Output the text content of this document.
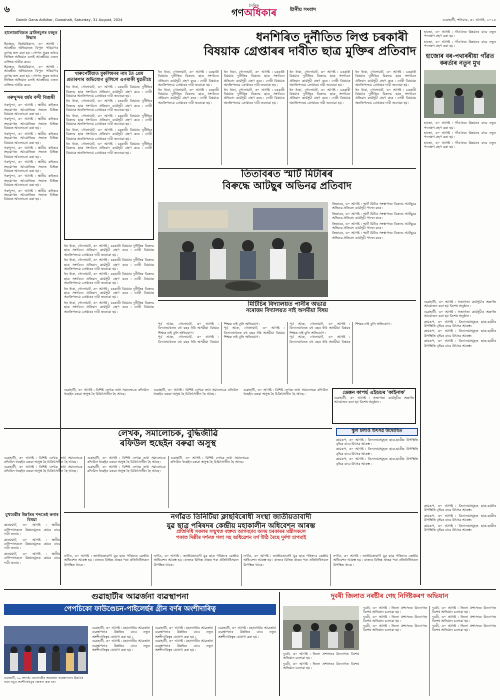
৬	দৈনিক
গণঅধিকাৰ	ষ্টানীয় সংবাদ
Dainik Gana Adhikar, Guwahati, Saturday, 31 August, 2024	গুৱাহাটী, শনিবাৰ, ৩১ আগষ্ট, ২০২৪
হালোডাবিডত ব্ৰাউনচুগৰ মজুত উদ্ধাৰ
হিমাংশু, হিৰ্তমৰিয়াল, ৩০ আগষ্ট ৷ আৰক্ষীৰ অভিযানত বিপুল পৰিমাণৰ ড্ৰাগছ জব্দ কৰা হয় ৷ গোপন সূত্ৰৰ তথ্যৰ ভিত্তিত অভিযান চলাই আৰক্ষীয়ে এজন ব্যক্তিক আটক কৰে ৷
হিমাংশু, হিৰ্তমৰিয়াল, ৩০ আগষ্ট ৷ আৰক্ষীৰ অভিযানত বিপুল পৰিমাণৰ ড্ৰাগছ জব্দ কৰা হয় ৷ গোপন সূত্ৰৰ তথ্যৰ ভিত্তিত অভিযান চলাই আৰক্ষীয়ে এজন ব্যক্তিক আটক কৰে ৷
গৰুখুন্দৰ ধৰ্মৰ বন্দী বিগুদ্বী
গৰুখুন্দা, ৩০ আগষ্ট ৷ স্থানীয় ৰাইজৰ সহযোগত আয়োজিত সভাত বিভিন্ন বিষয়ত আলোচনা কৰা হয় ৷
গৰুখুন্দা, ৩০ আগষ্ট ৷ স্থানীয় ৰাইজৰ সহযোগত আয়োজিত সভাত বিভিন্ন বিষয়ত আলোচনা কৰা হয় ৷
গৰুখুন্দা, ৩০ আগষ্ট ৷ স্থানীয় ৰাইজৰ সহযোগত আয়োজিত সভাত বিভিন্ন বিষয়ত আলোচনা কৰা হয় ৷
গৰুখুন্দা, ৩০ আগষ্ট ৷ স্থানীয় ৰাইজৰ সহযোগত আয়োজিত সভাত বিভিন্ন বিষয়ত আলোচনা কৰা হয় ৷
গৰুখুন্দা, ৩০ আগষ্ট ৷ স্থানীয় ৰাইজৰ সহযোগত আয়োজিত সভাত বিভিন্ন বিষয়ত আলোচনা কৰা হয় ৷
গৰুখুন্দা, ৩০ আগষ্ট ৷ স্থানীয় ৰাইজৰ সহযোগত আয়োজিত সভাত বিভিন্ন বিষয়ত আলোচনা কৰা হয় ৷
গৰুখুন্দা, ৩০ আগষ্ট ৷ স্থানীয় ৰাইজৰ সহযোগত আয়োজিত সভাত বিভিন্ন বিষয়ত আলোচনা কৰা হয় ৷
ধনশিৰিত দুৰ্নীতিত লিপ্ত চৰকাৰী
বিষয়াক গ্ৰেপ্তাৰৰ দাবীত ছাত্ৰ মুক্তিৰ প্ৰতিবাদ
খাৰুপেটীয়াত মুকলিমনৰ নাম তৈ প্ৰেম প্ৰতাৰণাৰ অভিযোগ তুলিলে এগৰাকী যুৱতীয়ে
ধন ধাৰা, গোলাঘাট, ৩০ আগষ্ট ৷ চৰকাৰী বিষয়াৰ দুৰ্নীতিৰ বিৰুদ্ধে ছাত্ৰ সংগঠনে প্ৰতিবাদ কাৰ্যসূচী গ্ৰহণ কৰে ৷ দোষী বিষয়াক অনতিপলমে গ্ৰেপ্তাৰৰ দাবী জনোৱা হয় ৷
ধন ধাৰা, গোলাঘাট, ৩০ আগষ্ট ৷ চৰকাৰী বিষয়াৰ দুৰ্নীতিৰ বিৰুদ্ধে ছাত্ৰ সংগঠনে প্ৰতিবাদ কাৰ্যসূচী গ্ৰহণ কৰে ৷ দোষী বিষয়াক অনতিপলমে গ্ৰেপ্তাৰৰ দাবী জনোৱা হয় ৷
ধন ধাৰা, গোলাঘাট, ৩০ আগষ্ট ৷ চৰকাৰী বিষয়াৰ দুৰ্নীতিৰ বিৰুদ্ধে ছাত্ৰ সংগঠনে প্ৰতিবাদ কাৰ্যসূচী গ্ৰহণ কৰে ৷ দোষী বিষয়াক অনতিপলমে গ্ৰেপ্তাৰৰ দাবী জনোৱা হয় ৷
ধন ধাৰা, গোলাঘাট, ৩০ আগষ্ট ৷ চৰকাৰী বিষয়াৰ দুৰ্নীতিৰ বিৰুদ্ধে ছাত্ৰ সংগঠনে প্ৰতিবাদ কাৰ্যসূচী গ্ৰহণ কৰে ৷ দোষী বিষয়াক অনতিপলমে গ্ৰেপ্তাৰৰ দাবী জনোৱা হয় ৷
ধন ধাৰা, গোলাঘাট, ৩০ আগষ্ট ৷ চৰকাৰী বিষয়াৰ দুৰ্নীতিৰ বিৰুদ্ধে ছাত্ৰ সংগঠনে প্ৰতিবাদ কাৰ্যসূচী গ্ৰহণ কৰে ৷ দোষী বিষয়াক অনতিপলমে গ্ৰেপ্তাৰৰ দাবী জনোৱা হয় ৷
ধন ধাৰা, গোলাঘাট, ৩০ আগষ্ট ৷ চৰকাৰী বিষয়াৰ দুৰ্নীতিৰ বিৰুদ্ধে ছাত্ৰ সংগঠনে প্ৰতিবাদ কাৰ্যসূচী গ্ৰহণ কৰে ৷ দোষী বিষয়াক অনতিপলমে গ্ৰেপ্তাৰৰ দাবী জনোৱা হয় ৷
ধন ধাৰা, গোলাঘাট, ৩০ আগষ্ট ৷ চৰকাৰী বিষয়াৰ দুৰ্নীতিৰ বিৰুদ্ধে ছাত্ৰ সংগঠনে প্ৰতিবাদ কাৰ্যসূচী গ্ৰহণ কৰে ৷ দোষী বিষয়াক অনতিপলমে গ্ৰেপ্তাৰৰ দাবী জনোৱা হয় ৷
ধন ধাৰা, গোলাঘাট, ৩০ আগষ্ট ৷ চৰকাৰী বিষয়াৰ দুৰ্নীতিৰ বিৰুদ্ধে ছাত্ৰ সংগঠনে প্ৰতিবাদ কাৰ্যসূচী গ্ৰহণ কৰে ৷ দোষী বিষয়াক অনতিপলমে গ্ৰেপ্তাৰৰ দাবী জনোৱা হয় ৷
ধন ধাৰা, গোলাঘাট, ৩০ আগষ্ট ৷ চৰকাৰী বিষয়াৰ দুৰ্নীতিৰ বিৰুদ্ধে ছাত্ৰ সংগঠনে প্ৰতিবাদ কাৰ্যসূচী গ্ৰহণ কৰে ৷ দোষী বিষয়াক অনতিপলমে গ্ৰেপ্তাৰৰ দাবী জনোৱা হয় ৷
ধন ধাৰা, গোলাঘাট, ৩০ আগষ্ট ৷ চৰকাৰী বিষয়াৰ দুৰ্নীতিৰ বিৰুদ্ধে ছাত্ৰ সংগঠনে প্ৰতিবাদ কাৰ্যসূচী গ্ৰহণ কৰে ৷ দোষী বিষয়াক অনতিপলমে গ্ৰেপ্তাৰৰ দাবী জনোৱা হয় ৷
ধন ধাৰা, গোলাঘাট, ৩০ আগষ্ট ৷ চৰকাৰী বিষয়াৰ দুৰ্নীতিৰ বিৰুদ্ধে ছাত্ৰ সংগঠনে প্ৰতিবাদ কাৰ্যসূচী গ্ৰহণ কৰে ৷ দোষী বিষয়াক অনতিপলমে গ্ৰেপ্তাৰৰ দাবী জনোৱা হয় ৷
ধন ধাৰা, গোলাঘাট, ৩০ আগষ্ট ৷ চৰকাৰী বিষয়াৰ দুৰ্নীতিৰ বিৰুদ্ধে ছাত্ৰ সংগঠনে প্ৰতিবাদ কাৰ্যসূচী গ্ৰহণ কৰে ৷ দোষী বিষয়াক অনতিপলমে গ্ৰেপ্তাৰৰ দাবী জনোৱা হয় ৷
ধন ধাৰা, গোলাঘাট, ৩০ আগষ্ট ৷ চৰকাৰী বিষয়াৰ দুৰ্নীতিৰ বিৰুদ্ধে ছাত্ৰ সংগঠনে প্ৰতিবাদ কাৰ্যসূচী গ্ৰহণ কৰে ৷ দোষী বিষয়াক অনতিপলমে গ্ৰেপ্তাৰৰ দাবী জনোৱা হয় ৷
তিতাবৰত স্মাৰ্ট মিটাৰৰ
বিৰুদ্ধে আটছুৰ অভিনৱ প্ৰতিবাদ
তিতাবৰ, ৩০ আগষ্ট ৷ স্মাৰ্ট মিটাৰ সংস্থাপনৰ বিৰুদ্ধে আটছুৱে অভিনৱ প্ৰতিবাদ কাৰ্যসূচী পালন কৰে ৷
তিতাবৰ, ৩০ আগষ্ট ৷ স্মাৰ্ট মিটাৰ সংস্থাপনৰ বিৰুদ্ধে আটছুৱে অভিনৱ প্ৰতিবাদ কাৰ্যসূচী পালন কৰে ৷
তিতাবৰ, ৩০ আগষ্ট ৷ স্মাৰ্ট মিটাৰ সংস্থাপনৰ বিৰুদ্ধে আটছুৱে অভিনৱ প্ৰতিবাদ কাৰ্যসূচী পালন কৰে ৷
তিতাবৰ, ৩০ আগষ্ট ৷ স্মাৰ্ট মিটাৰ সংস্থাপনৰ বিৰুদ্ধে আটছুৱে অভিনৱ প্ৰতিবাদ কাৰ্যসূচী পালন কৰে ৷
ধন ধাৰা, গোলাঘাট, ৩০ আগষ্ট ৷ চৰকাৰী বিষয়াৰ দুৰ্নীতিৰ বিৰুদ্ধে ছাত্ৰ সংগঠনে প্ৰতিবাদ কাৰ্যসূচী গ্ৰহণ কৰে ৷ দোষী বিষয়াক অনতিপলমে গ্ৰেপ্তাৰৰ দাবী জনোৱা হয় ৷
ধন ধাৰা, গোলাঘাট, ৩০ আগষ্ট ৷ চৰকাৰী বিষয়াৰ দুৰ্নীতিৰ বিৰুদ্ধে ছাত্ৰ সংগঠনে প্ৰতিবাদ কাৰ্যসূচী গ্ৰহণ কৰে ৷ দোষী বিষয়াক অনতিপলমে গ্ৰেপ্তাৰৰ দাবী জনোৱা হয় ৷
ধন ধাৰা, গোলাঘাট, ৩০ আগষ্ট ৷ চৰকাৰী বিষয়াৰ দুৰ্নীতিৰ বিৰুদ্ধে ছাত্ৰ সংগঠনে প্ৰতিবাদ কাৰ্যসূচী গ্ৰহণ কৰে ৷ দোষী বিষয়াক অনতিপলমে গ্ৰেপ্তাৰৰ দাবী জনোৱা হয় ৷
ধন ধাৰা, গোলাঘাট, ৩০ আগষ্ট ৷ চৰকাৰী বিষয়াৰ দুৰ্নীতিৰ বিৰুদ্ধে ছাত্ৰ সংগঠনে প্ৰতিবাদ কাৰ্যসূচী গ্ৰহণ কৰে ৷ দোষী বিষয়াক অনতিপলমে গ্ৰেপ্তাৰৰ দাবী জনোৱা হয় ৷
ধন ধাৰা, গোলাঘাট, ৩০ আগষ্ট ৷ চৰকাৰী বিষয়াৰ দুৰ্নীতিৰ বিৰুদ্ধে ছাত্ৰ সংগঠনে প্ৰতিবাদ কাৰ্যসূচী গ্ৰহণ কৰে ৷ দোষী বিষয়াক অনতিপলমে গ্ৰেপ্তাৰৰ দাবী জনোৱা হয় ৷
মিটিচিৰ বিদ্যালয়ত পানীৰ অভাৱ
নৰোত্তম বিদ্যালয়ত নাই অসমীয়া বিষয়
পূৰ্ব আৰু, গোলাঘাট, ৩০ আগষ্ট ৷ বিদ্যালয়খনত বহু বছৰ ধৰি অসমীয়া বিষয়ৰ শিক্ষক নাই বুলি অভিযোগ ৷
পূৰ্ব আৰু, গোলাঘাট, ৩০ আগষ্ট ৷ বিদ্যালয়খনত বহু বছৰ ধৰি অসমীয়া বিষয়ৰ শিক্ষক নাই বুলি অভিযোগ ৷
পূৰ্ব আৰু, গোলাঘাট, ৩০ আগষ্ট ৷ বিদ্যালয়খনত বহু বছৰ ধৰি অসমীয়া বিষয়ৰ শিক্ষক নাই বুলি অভিযোগ ৷
পূৰ্ব আৰু, গোলাঘাট, ৩০ আগষ্ট ৷ বিদ্যালয়খনত বহু বছৰ ধৰি অসমীয়া বিষয়ৰ শিক্ষক নাই বুলি অভিযোগ ৷
পূৰ্ব আৰু, গোলাঘাট, ৩০ আগষ্ট ৷ বিদ্যালয়খনত বহু বছৰ ধৰি অসমীয়া বিষয়ৰ শিক্ষক নাই বুলি অভিযোগ ৷
হাজো, ৩০ আগষ্ট ৷ গাঁওখনৰ উন্নয়নৰ বাবে নতুন পদক্ষেপ গ্ৰহণ কৰা হয় ৷
হাজো, ৩০ আগষ্ট ৷ গাঁওখনৰ উন্নয়নৰ বাবে নতুন পদক্ষেপ গ্ৰহণ কৰা হয় ৷
হাজোৰ বৰ-পথাৰৰীয়া গাঁৱত কৰৰ্তাৰ নতুন মুখ
হাজো, ৩০ আগষ্ট ৷ গাঁওখনৰ উন্নয়নৰ বাবে নতুন পদক্ষেপ গ্ৰহণ কৰা হয় ৷
হাজো, ৩০ আগষ্ট ৷ গাঁওখনৰ উন্নয়নৰ বাবে নতুন পদক্ষেপ গ্ৰহণ কৰা হয় ৷
হাজো, ৩০ আগষ্ট ৷ গাঁওখনৰ উন্নয়নৰ বাবে নতুন পদক্ষেপ গ্ৰহণ কৰা হয় ৷
ডেক্কন কাপৰ্ছ এইডচৰ 'কাইনাক'
গুৱাহাটী, ৩০ আগষ্ট ৷ সজাগতা কাৰ্যসূচীৰ অন্তৰ্গত আয়োজন কৰা হয় বিশেষ অনুষ্ঠান ৷
গুৱাহাটী, ৩০ আগষ্ট ৷ সজাগতা কাৰ্যসূচীৰ অন্তৰ্গত আয়োজন কৰা হয় বিশেষ অনুষ্ঠান ৷
গুৱাহাটী, ৩০ আগষ্ট ৷ সজাগতা কাৰ্যসূচীৰ অন্তৰ্গত আয়োজন কৰা হয় বিশেষ অনুষ্ঠান ৷
কামৰূপ, ৩০ আগষ্ট ৷ বিদ্যালয়সমূহত ছাত্ৰ-ছাত্ৰীৰ উপস্থিতি বৃদ্ধিৰ বাবে উৎসৱ আৰম্ভ ৷
কামৰূপ, ৩০ আগষ্ট ৷ বিদ্যালয়সমূহত ছাত্ৰ-ছাত্ৰীৰ উপস্থিতি বৃদ্ধিৰ বাবে উৎসৱ আৰম্ভ ৷
কামৰূপ, ৩০ আগষ্ট ৷ বিদ্যালয়সমূহত ছাত্ৰ-ছাত্ৰীৰ উপস্থিতি বৃদ্ধিৰ বাবে উৎসৱ আৰম্ভ ৷
লেখক, সমালোচক, বুদ্ধিজীৱি
ৰফিউল হুছেইন বৰুৱা অসুস্থ
গুৱাহাটী, ৩০ আগষ্ট ৷ বিশিষ্ট লেখক তথা সমালোচক ৰফিউল হুছেইন বৰুৱা অসুস্থ হৈ চিকিৎসাধীন হৈ আছে ৷
গুৱাহাটী, ৩০ আগষ্ট ৷ বিশিষ্ট লেখক তথা সমালোচক ৰফিউল হুছেইন বৰুৱা অসুস্থ হৈ চিকিৎসাধীন হৈ আছে ৷
গুৱাহাটী, ৩০ আগষ্ট ৷ বিশিষ্ট লেখক তথা সমালোচক ৰফিউল হুছেইন বৰুৱা অসুস্থ হৈ চিকিৎসাধীন হৈ আছে ৷
গুৱাহাটী, ৩০ আগষ্ট ৷ বিশিষ্ট লেখক তথা সমালোচক ৰফিউল হুছেইন বৰুৱা অসুস্থ হৈ চিকিৎসাধীন হৈ আছে ৷
গুৱাহাটী, ৩০ আগষ্ট ৷ বিশিষ্ট লেখক তথা সমালোচক ৰফিউল হুছেইন বৰুৱা অসুস্থ হৈ চিকিৎসাধীন হৈ আছে ৷
গুৱাহাটী, ৩০ আগষ্ট ৷ বিশিষ্ট লেখক তথা সমালোচক ৰফিউল হুছেইন বৰুৱা অসুস্থ হৈ চিকিৎসাধীন হৈ আছে ৷
গুৱাহাটী, ৩০ আগষ্ট ৷ বিশিষ্ট লেখক তথা সমালোচক ৰফিউল হুছেইন বৰুৱা অসুস্থ হৈ চিকিৎসাধীন হৈ আছে ৷
গুৱাহাটী, ৩০ আগষ্ট ৷ বিশিষ্ট লেখক তথা সমালোচক ৰফিউল হুছেইন বৰুৱা অসুস্থ হৈ চিকিৎসাধীন হৈ আছে ৷
স্কুল চলাওঁ উৎসৱ উদ্বোধিত
কামৰূপ, ৩০ আগষ্ট ৷ বিদ্যালয়সমূহত ছাত্ৰ-ছাত্ৰীৰ উপস্থিতি বৃদ্ধিৰ বাবে উৎসৱ আৰম্ভ ৷
কামৰূপ, ৩০ আগষ্ট ৷ বিদ্যালয়সমূহত ছাত্ৰ-ছাত্ৰীৰ উপস্থিতি বৃদ্ধিৰ বাবে উৎসৱ আৰম্ভ ৷
কামৰূপ, ৩০ আগষ্ট ৷ বিদ্যালয়সমূহত ছাত্ৰ-ছাত্ৰীৰ উপস্থিতি বৃদ্ধিৰ বাবে উৎসৱ আৰম্ভ ৷
নগাঁৱত তিনিটিয়া ক্লাছবিৰোধী সংস্থা জাতীয়তাবাদী
যুৱ ছাত্ৰ পৰিষদৰ কেন্দ্ৰীয় মহাকালীন অধিবেশন আৰম্ভ
প্ৰতিনিধি সকলৰ সন্মুখত বক্তব্য আগবঢ়াব অসম চৰকাৰৰ মন্ত্ৰীসকলে
পকাত দিল্লীৰ দৰ্শনত গলা সহ অধিৱেশন বৰ্গ উঠি ৰৈছে দুৰ্দশা চাপমাই
মুখ্যমন্ত্ৰীৰ উন্নতিৰ শব্দতেই কনাৰ বিষয়া
কানমঘাট, ৩০ আগষ্ট ৷ স্থানীয় বাসিন্দাসকলে উন্নয়নমূলক কামৰ বাবে দাবী জনায় ৷
কানমঘাট, ৩০ আগষ্ট ৷ স্থানীয় বাসিন্দাসকলে উন্নয়নমূলক কামৰ বাবে দাবী জনায় ৷
কানমঘাট, ৩০ আগষ্ট ৷ স্থানীয় বাসিন্দাসকলে উন্নয়নমূলক কামৰ বাবে দাবী জনায় ৷
নগাঁও, ৩০ আগষ্ট ৷ জাতীয়তাবাদী যুৱ ছাত্ৰ পৰিষদৰ কেন্দ্ৰীয় অধিবেশন আৰম্ভ হয় ৷ ৰাজ্যৰ বিভিন্ন প্ৰান্তৰ পৰা প্ৰতিনিধিসকল উপস্থিত থাকে ৷
নগাঁও, ৩০ আগষ্ট ৷ জাতীয়তাবাদী যুৱ ছাত্ৰ পৰিষদৰ কেন্দ্ৰীয় অধিবেশন আৰম্ভ হয় ৷ ৰাজ্যৰ বিভিন্ন প্ৰান্তৰ পৰা প্ৰতিনিধিসকল উপস্থিত থাকে ৷
নগাঁও, ৩০ আগষ্ট ৷ জাতীয়তাবাদী যুৱ ছাত্ৰ পৰিষদৰ কেন্দ্ৰীয় অধিবেশন আৰম্ভ হয় ৷ ৰাজ্যৰ বিভিন্ন প্ৰান্তৰ পৰা প্ৰতিনিধিসকল উপস্থিত থাকে ৷
নগাঁও, ৩০ আগষ্ট ৷ জাতীয়তাবাদী যুৱ ছাত্ৰ পৰিষদৰ কেন্দ্ৰীয় অধিবেশন আৰম্ভ হয় ৷ ৰাজ্যৰ বিভিন্ন প্ৰান্তৰ পৰা প্ৰতিনিধিসকল উপস্থিত থাকে ৷
কামৰূপ, ৩০ আগষ্ট ৷ বিদ্যালয়সমূহত ছাত্ৰ-ছাত্ৰীৰ উপস্থিতি বৃদ্ধিৰ বাবে উৎসৱ আৰম্ভ ৷
কামৰূপ, ৩০ আগষ্ট ৷ বিদ্যালয়সমূহত ছাত্ৰ-ছাত্ৰীৰ উপস্থিতি বৃদ্ধিৰ বাবে উৎসৱ আৰম্ভ ৷
কামৰূপ, ৩০ আগষ্ট ৷ বিদ্যালয়সমূহত ছাত্ৰ-ছাত্ৰীৰ উপস্থিতি বৃদ্ধিৰ বাবে উৎসৱ আৰম্ভ ৷
গুৱাহাটীৰ আৱৰ্জনা ব্যৱস্থাপনা
পেপচিকো ফাউণ্ডেচন-পাইলেৰ্ছৰ গ্ৰীন বৰ্ণৰ অংশীদাৰিত্ব
গুৱাহাটী, ৩০ আগষ্ট ৷ মহানগৰীৰ আৱৰ্জনা ব্যৱস্থাপনাৰ উন্নতিৰ বাবে নতুন অংশীদাৰিত্বৰ ঘোষণা কৰা হয় ৷
গুৱাহাটী, ৩০ আগষ্ট ৷ মহানগৰীৰ আৱৰ্জনা ব্যৱস্থাপনাৰ উন্নতিৰ বাবে নতুন অংশীদাৰিত্বৰ ঘোষণা কৰা হয় ৷
গুৱাহাটী, ৩০ আগষ্ট ৷ মহানগৰীৰ আৱৰ্জনা ব্যৱস্থাপনাৰ উন্নতিৰ বাবে নতুন অংশীদাৰিত্বৰ ঘোষণা কৰা হয় ৷
গুৱাহাটী, ৩০ আগষ্ট ৷ মহানগৰীৰ আৱৰ্জনা ব্যৱস্থাপনাৰ উন্নতিৰ বাবে নতুন অংশীদাৰিত্বৰ ঘোষণা কৰা হয় ৷
গুৱাহাটী, ৩০ আগষ্ট ৷ মহানগৰীৰ আৱৰ্জনা ব্যৱস্থাপনাৰ উন্নতিৰ বাবে নতুন অংশীদাৰিত্বৰ ঘোষণা কৰা হয় ৷
গুৱাহাটী, ৩০ আগষ্ট ৷ মহানগৰীৰ আৱৰ্জনা ব্যৱস্থাপনাৰ উন্নতিৰ বাবে নতুন অংশীদাৰিত্বৰ ঘোষণা কৰা হয় ৷
দুবৰী জিলাত নৰষ্টীৰ গেহ নিৰ্দিষ্টকৰণ অভিযান
দুবৰী, ৩০ আগষ্ট ৷ জিলা প্ৰশাসনৰ উদ্যোগত বিশেষ অভিযান চলোৱা হয় ৷
দুবৰী, ৩০ আগষ্ট ৷ জিলা প্ৰশাসনৰ উদ্যোগত বিশেষ অভিযান চলোৱা হয় ৷
দুবৰী, ৩০ আগষ্ট ৷ জিলা প্ৰশাসনৰ উদ্যোগত বিশেষ অভিযান চলোৱা হয় ৷
দুবৰী, ৩০ আগষ্ট ৷ জিলা প্ৰশাসনৰ উদ্যোগত বিশেষ অভিযান চলোৱা হয় ৷
দুবৰী, ৩০ আগষ্ট ৷ জিলা প্ৰশাসনৰ উদ্যোগত বিশেষ অভিযান চলোৱা হয় ৷
দুবৰী, ৩০ আগষ্ট ৷ জিলা প্ৰশাসনৰ উদ্যোগত বিশেষ অভিযান চলোৱা হয় ৷
দুবৰী, ৩০ আগষ্ট ৷ জিলা প্ৰশাসনৰ উদ্যোগত বিশেষ অভিযান চলোৱা হয় ৷
দুবৰী, ৩০ আগষ্ট ৷ জিলা প্ৰশাসনৰ উদ্যোগত বিশেষ অভিযান চলোৱা হয় ৷
